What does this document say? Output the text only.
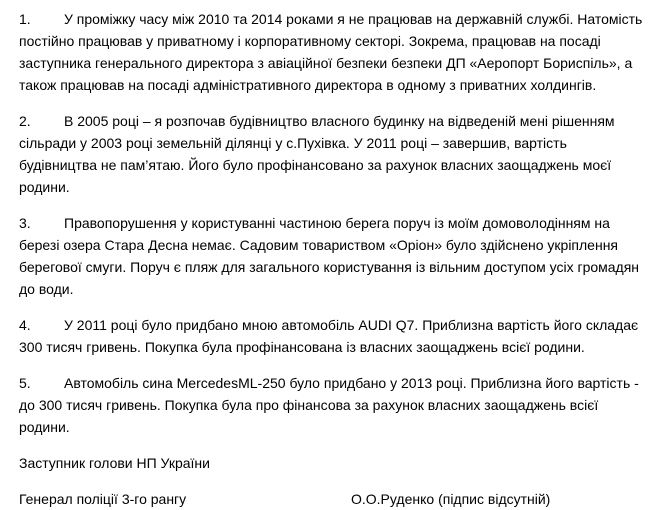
1. У проміжку часу між 2010 та 2014 роками я не працював на державній службі. Натомість постійно працював у приватному і корпоративному секторі. Зокрема, працював на посаді заступника генерального директора з авіаційної безпеки безпеки ДП «Аеропорт Бориспіль», а також працював на посаді адміністративного директора в одному з приватних холдингів.

2. В 2005 році – я розпочав будівництво власного будинку на відведеній мені рішенням сільради у 2003 році земельній ділянці у с.Пухівка. У 2011 році – завершив, вартість будівництва не пам’ятаю. Його було профінансовано за рахунок власних заощаджень моєї родини.

3. Правопорушення у користуванні частиною берега поруч із моїм домоволодінням на березі озера Стара Десна немає. Садовим товариством «Оріон» було здійснено укріплення берегової смуги. Поруч є пляж для загального користування із вільним доступом усіх громадян до води.

4. У 2011 році було придбано мною автомобіль AUDI Q7. Приблизна вартість його складає 300 тисяч гривень. Покупка була профінансована із власних заощаджень всієї родини.

5. Автомобіль сина MercedesML-250 було придбано у 2013 році. Приблизна його вартість - до 300 тисяч гривень. Покупка була про фінансова за рахунок власних заощаджень всієї родини.

Заступник голови НП України

Генерал поліції 3-го рангу	О.О.Руденко (підпис відсутній)
